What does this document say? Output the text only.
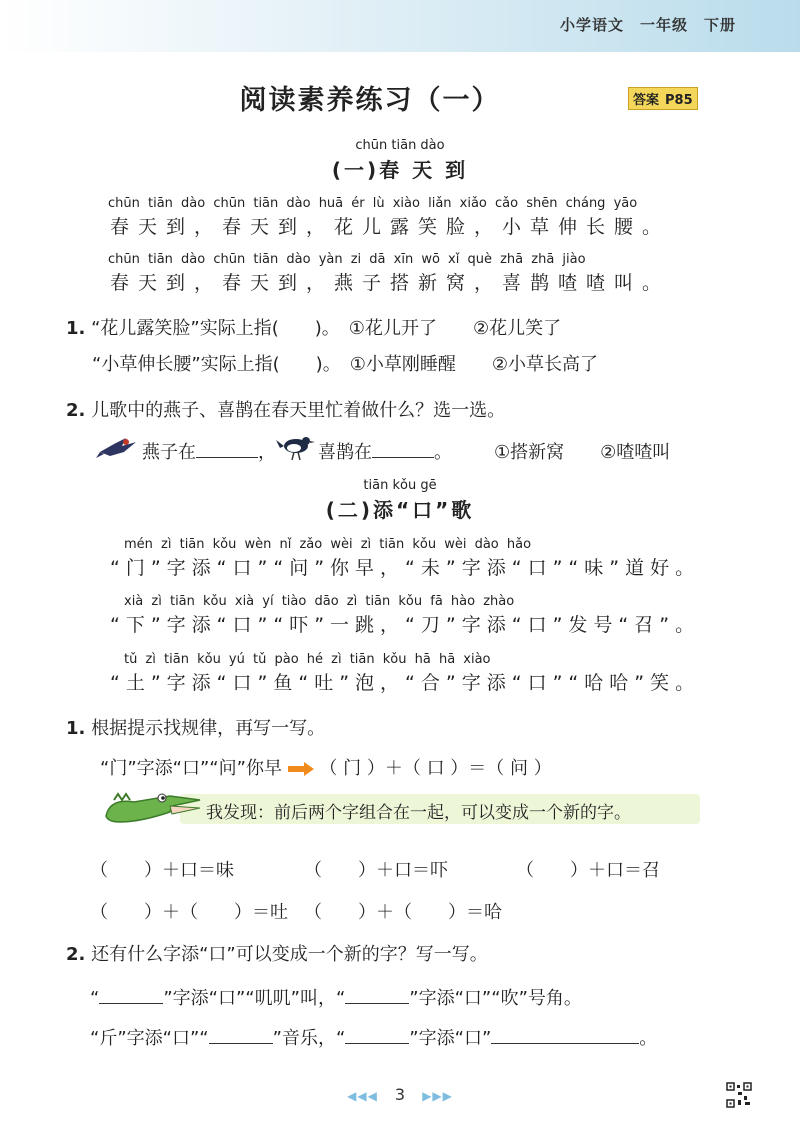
小学语文　一年级　下册
阅读素养练习（一）	答案 P85
chūn tiān dào
(一)春 天 到
chūn tiān dào chūn tiān dào huā ér lù xiào liǎn xiǎo cǎo shēn cháng yāo
春天到，春天到，花儿露笑脸，小草伸长腰。
chūn tiān dào chūn tiān dào yàn zi dā xīn wō xǐ què zhā zhā jiào
春天到，春天到，燕子搭新窝，喜鹊喳喳叫。
1. “花儿露笑脸”实际上指(　　)。　①花儿开了　　②花儿笑了
“小草伸长腰”实际上指(　　)。　①小草刚睡醒　　②小草长高了
2. 儿歌中的燕子、喜鹊在春天里忙着做什么？选一选。
燕子在	， 喜鹊在	。 ①搭新窝　　②喳喳叫
tiān kǒu gē
(二)添“口”歌
mén zì tiān kǒu wèn nǐ zǎo wèi zì tiān kǒu wèi dào hǎo
“门”字添“口”“问”你早，“未”字添“口”“味”道好。
xià zì tiān kǒu xià yí tiào dāo zì tiān kǒu fā hào zhào
“下”字添“口”“吓”一跳，“刀”字添“口”发号“召”。
tǔ zì tiān kǒu yú tǔ pào hé zì tiān kǒu hā hā xiào
“土”字添“口”鱼“吐”泡，“合”字添“口”“哈哈”笑。
1. 根据提示找规律，再写一写。
“门”字添“口”“问”你早 （ 门 ）＋（ 口 ）＝（ 问 ）
我发现：前后两个字组合在一起，可以变成一个新的字。
（　　）＋口＝味	（　　）＋口＝吓	（　　）＋口＝召
（　　）＋（　　）＝吐 （　　）＋（　　）＝哈
2. 还有什么字添“口”可以变成一个新的字？写一写。
“	”字添“口”“叽叽”叫，“	”字添“口”“吹”号角。
“斤”字添“口”“	”音乐，“	”字添“口”	。
◀◀◀ 3 ▶▶▶
